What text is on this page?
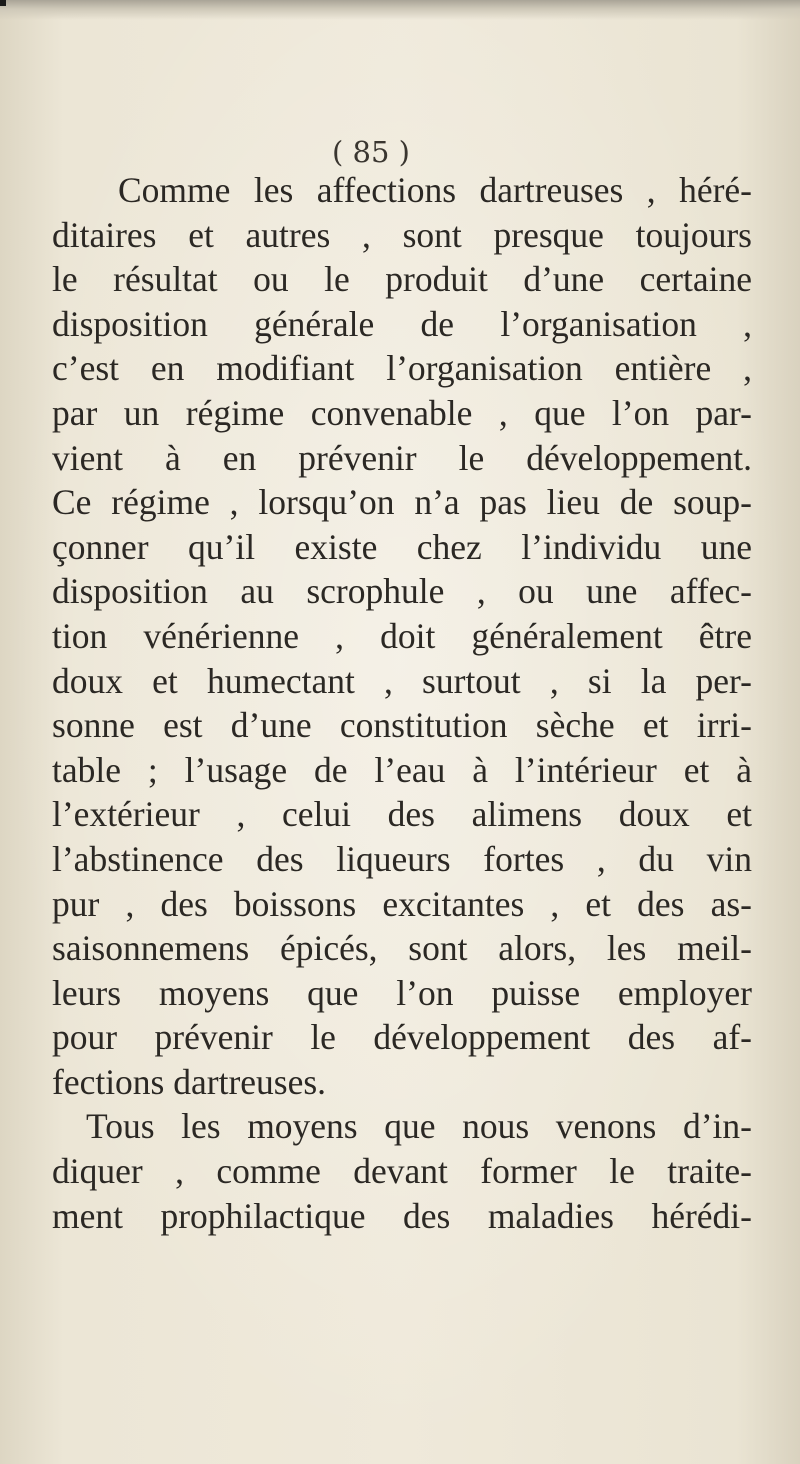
( 85 )
Comme les affections dartreuses , héré-
ditaires et autres , sont presque toujours
le résultat ou le produit d’une certaine
disposition générale de l’organisation ,
c’est en modifiant l’organisation entière ,
par un régime convenable , que l’on par-
vient à en prévenir le développement.
Ce régime , lorsqu’on n’a pas lieu de soup-
çonner qu’il existe chez l’individu une
disposition au scrophule , ou une affec-
tion vénérienne , doit généralement être
doux et humectant , surtout , si la per-
sonne est d’une constitution sèche et irri-
table ; l’usage de l’eau à l’intérieur et à
l’extérieur , celui des alimens doux et
l’abstinence des liqueurs fortes , du vin
pur , des boissons excitantes , et des as-
saisonnemens épicés, sont alors, les meil-
leurs moyens que l’on puisse employer
pour prévenir le développement des af-
fections dartreuses.
Tous les moyens que nous venons d’in-
diquer , comme devant former le traite-
ment prophilactique des maladies hérédi-
